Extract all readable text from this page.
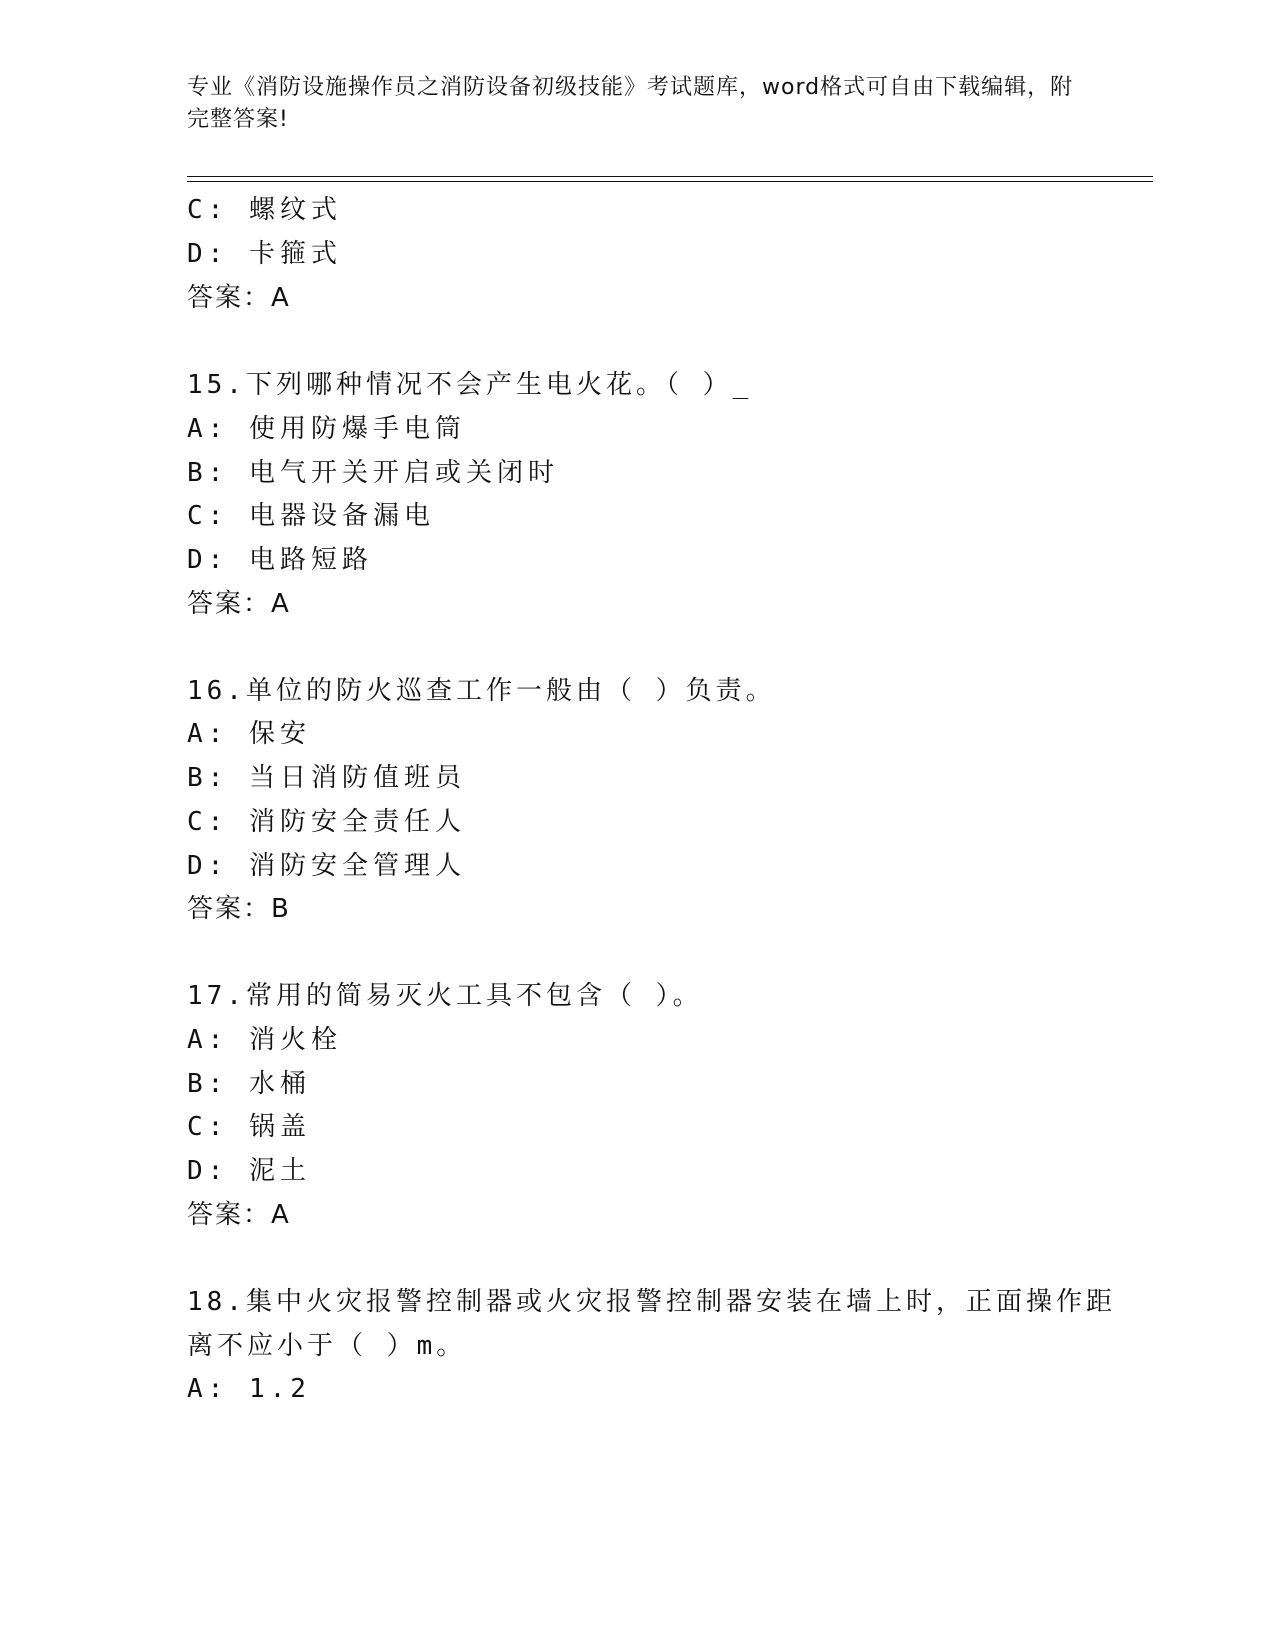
专业《消防设施操作员之消防设备初级技能》考试题库，word格式可自由下载编辑，附完整答案!
C: 螺纹式
D: 卡箍式
答案：A
15.下列哪种情况不会产生电火花。（ ）_
A: 使用防爆手电筒
B: 电气开关开启或关闭时
C: 电器设备漏电
D: 电路短路
答案：A
16.单位的防火巡查工作一般由（ ）负责。
A: 保安
B: 当日消防值班员
C: 消防安全责任人
D: 消防安全管理人
答案：B
17.常用的简易灭火工具不包含（ ）。
A: 消火栓
B: 水桶
C: 锅盖
D: 泥土
答案：A
18.集中火灾报警控制器或火灾报警控制器安装在墙上时，正面操作距
离不应小于（ ）m。
A: 1.2
